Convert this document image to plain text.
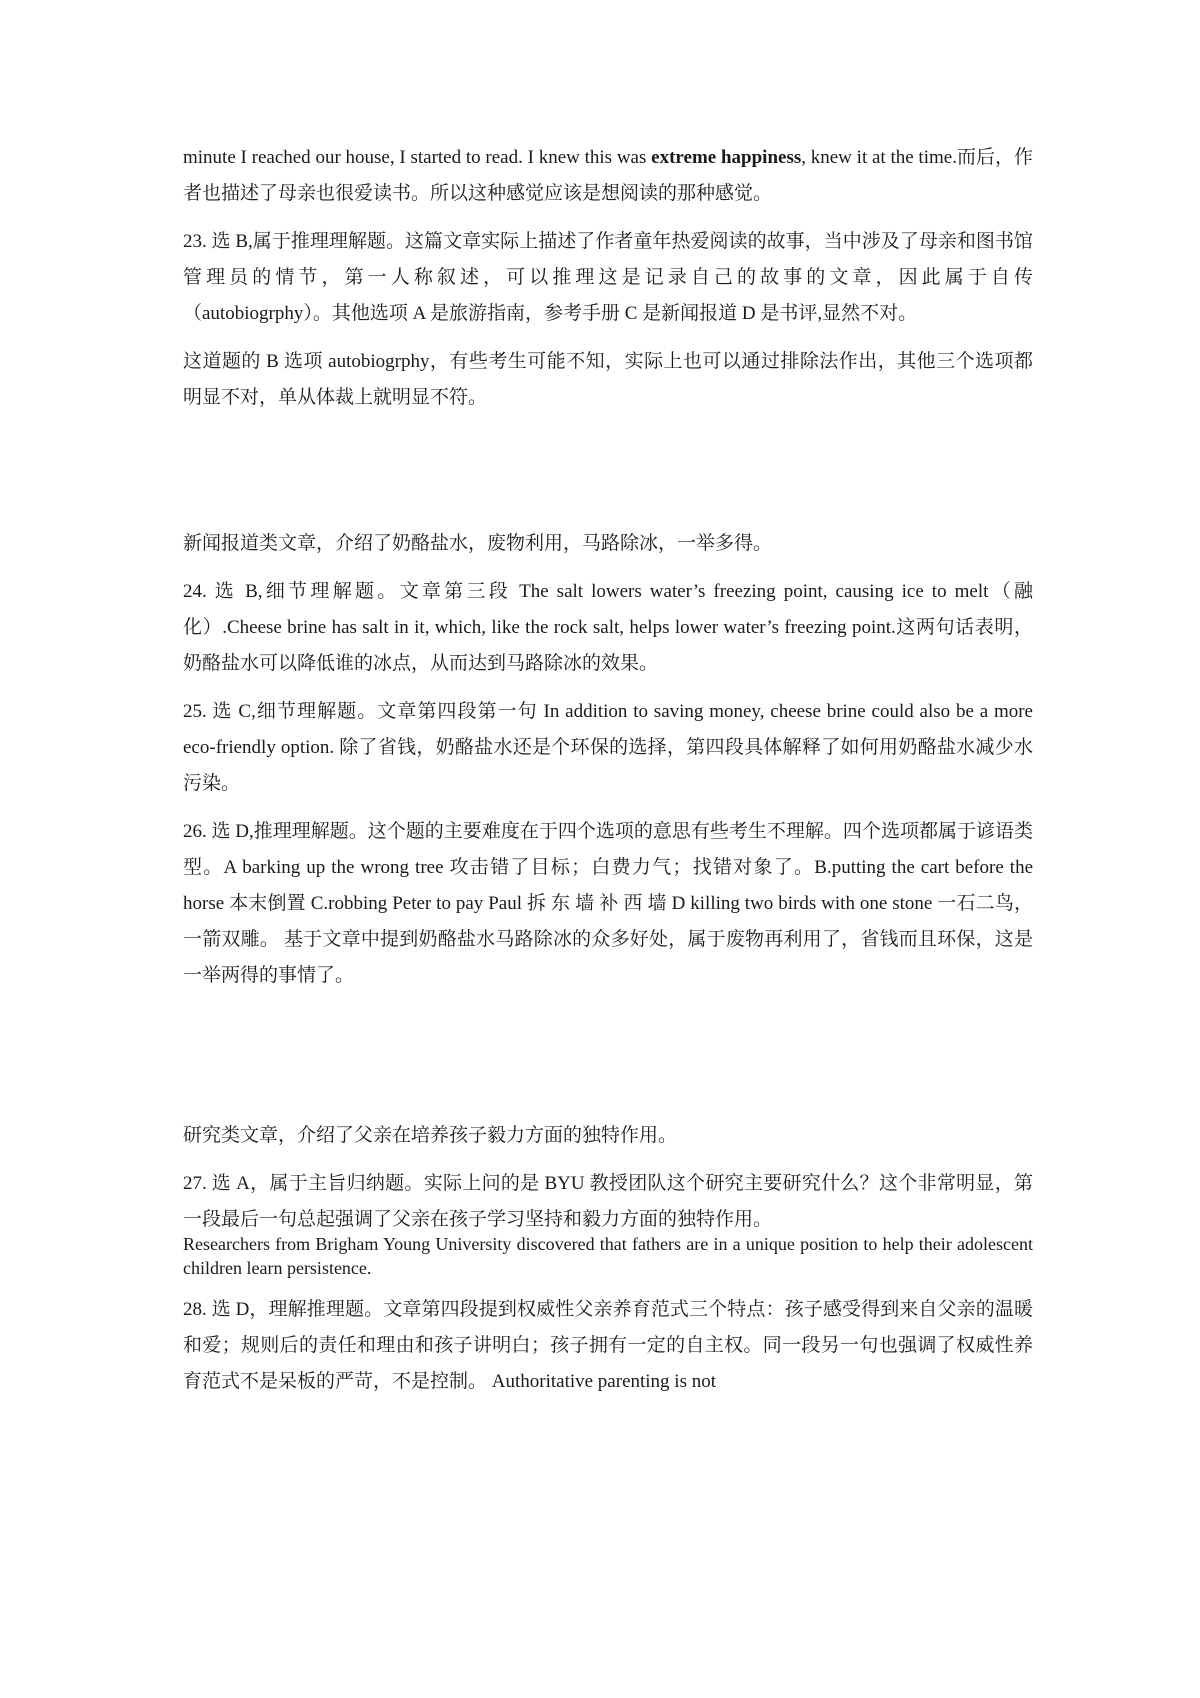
minute I reached our house, I started to read. I knew this was extreme happiness, knew it at the time.而后，作者也描述了母亲也很爱读书。所以这种感觉应该是想阅读的那种感觉。

23. 选 B,属于推理理解题。这篇文章实际上描述了作者童年热爱阅读的故事，当中涉及了母亲和图书馆管理员的情节，第一人称叙述，可以推理这是记录自己的故事的文章，因此属于自传（autobiogrphy）。其他选项 A 是旅游指南，参考手册 C 是新闻报道 D 是书评,显然不对。

这道题的 B 选项 autobiogrphy，有些考生可能不知，实际上也可以通过排除法作出，其他三个选项都明显不对，单从体裁上就明显不符。

新闻报道类文章，介绍了奶酪盐水，废物利用，马路除冰，一举多得。

24. 选 B,细节理解题。文章第三段 The salt lowers water’s freezing point, causing ice to melt（融化）.Cheese brine has salt in it, which, like the rock salt, helps lower water’s freezing point.这两句话表明，奶酪盐水可以降低谁的冰点，从而达到马路除冰的效果。

25. 选 C,细节理解题。文章第四段第一句 In addition to saving money, cheese brine could also be a more eco-friendly option. 除了省钱，奶酪盐水还是个环保的选择，第四段具体解释了如何用奶酪盐水减少水污染。

26. 选 D,推理理解题。这个题的主要难度在于四个选项的意思有些考生不理解。四个选项都属于谚语类型。A barking up the wrong tree 攻击错了目标；白费力气；找错对象了。B.putting the cart before the horse 本末倒置 C.robbing Peter to pay Paul 拆 东 墙 补 西 墙 D killing two birds with one stone 一石二鸟，一箭双雕。 基于文章中提到奶酪盐水马路除冰的众多好处，属于废物再利用了，省钱而且环保，这是一举两得的事情了。

研究类文章，介绍了父亲在培养孩子毅力方面的独特作用。

27. 选 A，属于主旨归纳题。实际上问的是 BYU 教授团队这个研究主要研究什么？这个非常明显，第一段最后一句总起强调了父亲在孩子学习坚持和毅力方面的独特作用。

Researchers from Brigham Young University discovered that fathers are in a unique position to help their adolescent children learn persistence.

28. 选 D，理解推理题。文章第四段提到权威性父亲养育范式三个特点：孩子感受得到来自父亲的温暖和爱；规则后的责任和理由和孩子讲明白；孩子拥有一定的自主权。同一段另一句也强调了权威性养育范式不是呆板的严苛，不是控制。 Authoritative parenting is not
